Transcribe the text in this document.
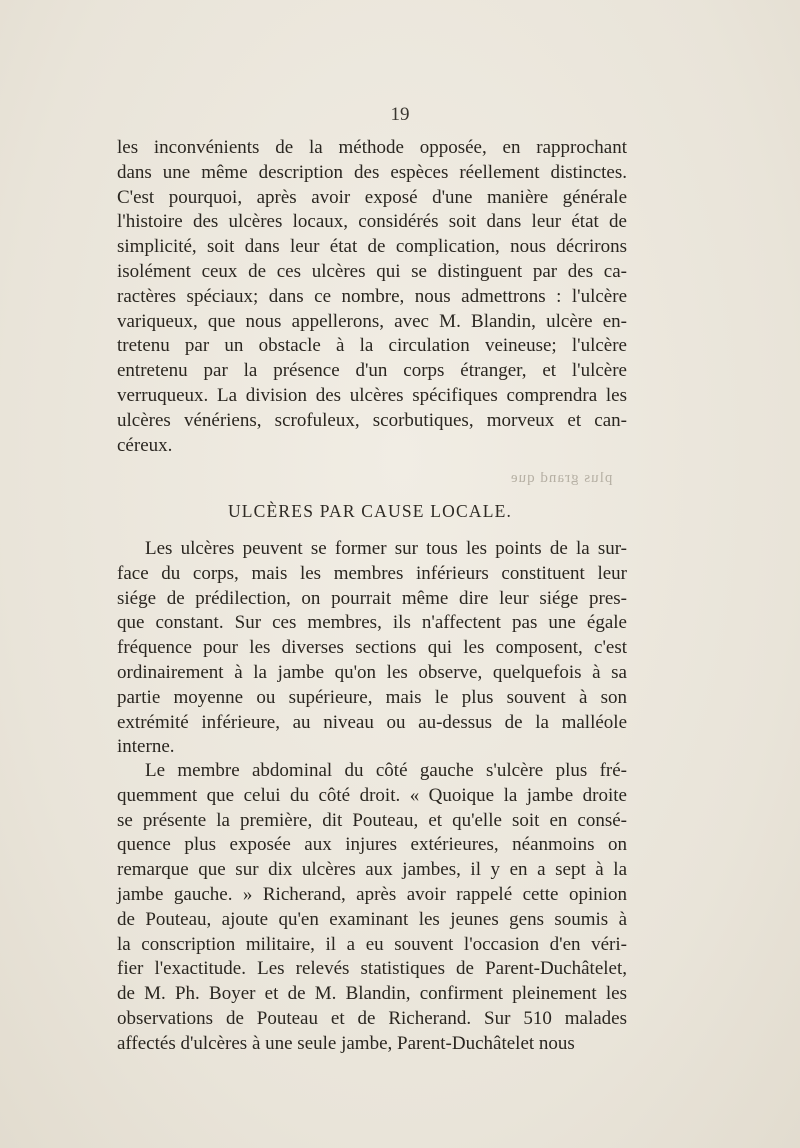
19
les inconvénients de la méthode opposée, en rapprochant
dans une même description des espèces réellement distinctes.
C'est pourquoi, après avoir exposé d'une manière générale
l'histoire des ulcères locaux, considérés soit dans leur état de
simplicité, soit dans leur état de complication, nous décrirons
isolément ceux de ces ulcères qui se distinguent par des ca-
ractères spéciaux; dans ce nombre, nous admettrons : l'ulcère
variqueux, que nous appellerons, avec M. Blandin, ulcère en-
tretenu par un obstacle à la circulation veineuse; l'ulcère
entretenu par la présence d'un corps étranger, et l'ulcère
verruqueux. La division des ulcères spécifiques comprendra les
ulcères vénériens, scrofuleux, scorbutiques, morveux et can-
céreux.
plus grand que
ULCÈRES PAR CAUSE LOCALE.
Les ulcères peuvent se former sur tous les points de la sur-
face du corps, mais les membres inférieurs constituent leur
siége de prédilection, on pourrait même dire leur siége pres-
que constant. Sur ces membres, ils n'affectent pas une égale
fréquence pour les diverses sections qui les composent, c'est
ordinairement à la jambe qu'on les observe, quelquefois à sa
partie moyenne ou supérieure, mais le plus souvent à son
extrémité inférieure, au niveau ou au-dessus de la malléole
interne.
Le membre abdominal du côté gauche s'ulcère plus fré-
quemment que celui du côté droit. « Quoique la jambe droite
se présente la première, dit Pouteau, et qu'elle soit en consé-
quence plus exposée aux injures extérieures, néanmoins on
remarque que sur dix ulcères aux jambes, il y en a sept à la
jambe gauche. » Richerand, après avoir rappelé cette opinion
de Pouteau, ajoute qu'en examinant les jeunes gens soumis à
la conscription militaire, il a eu souvent l'occasion d'en véri-
fier l'exactitude. Les relevés statistiques de Parent-Duchâtelet,
de M. Ph. Boyer et de M. Blandin, confirment pleinement les
observations de Pouteau et de Richerand. Sur 510 malades
affectés d'ulcères à une seule jambe, Parent-Duchâtelet nous
